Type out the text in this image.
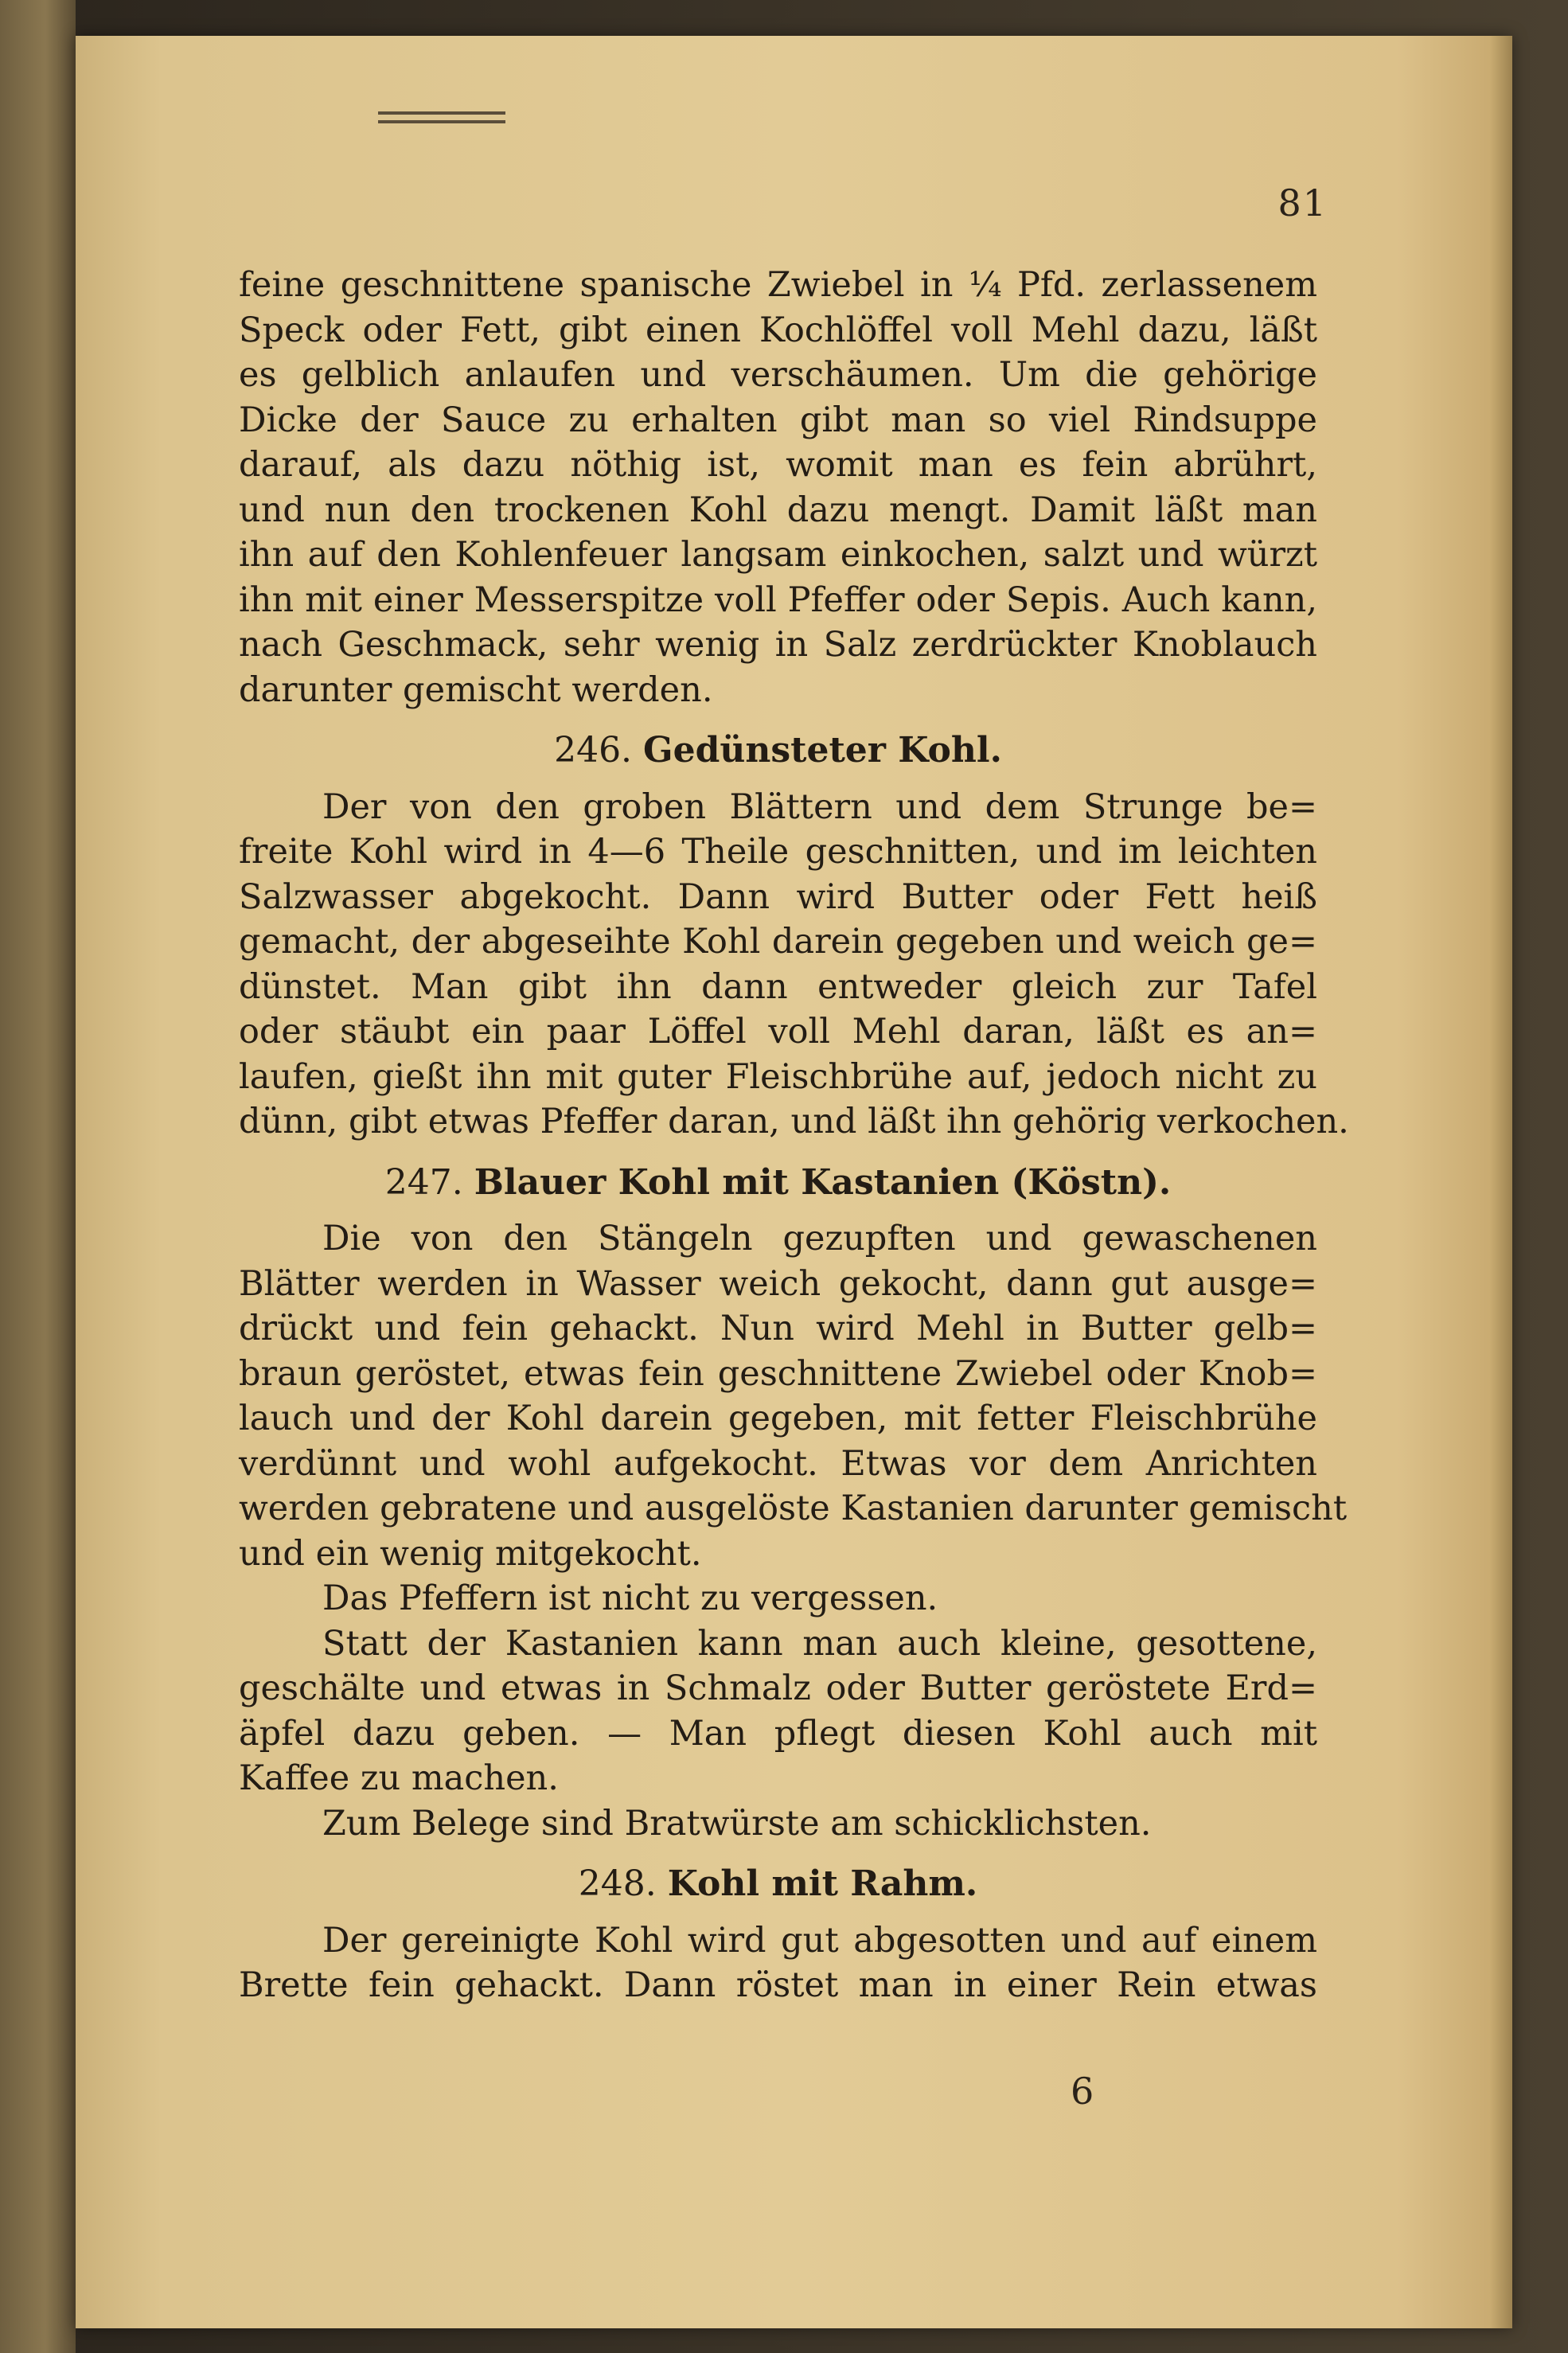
81
feine geschnittene spanische Zwiebel in ¼ Pfd. zerlassenem
Speck oder Fett, gibt einen Kochlöffel voll Mehl dazu, läßt
es gelblich anlaufen und verschäumen. Um die gehörige
Dicke der Sauce zu erhalten gibt man so viel Rindsuppe
darauf, als dazu nöthig ist, womit man es fein abrührt,
und nun den trockenen Kohl dazu mengt. Damit läßt man
ihn auf den Kohlenfeuer langsam einkochen, salzt und würzt
ihn mit einer Messerspitze voll Pfeffer oder Sepis. Auch kann,
nach Geschmack, sehr wenig in Salz zerdrückter Knoblauch
darunter gemischt werden.
246. Gedünsteter Kohl.
Der von den groben Blättern und dem Strunge be=
freite Kohl wird in 4—6 Theile geschnitten, und im leichten
Salzwasser abgekocht. Dann wird Butter oder Fett heiß
gemacht, der abgeseihte Kohl darein gegeben und weich ge=
dünstet. Man gibt ihn dann entweder gleich zur Tafel
oder stäubt ein paar Löffel voll Mehl daran, läßt es an=
laufen, gießt ihn mit guter Fleischbrühe auf, jedoch nicht zu
dünn, gibt etwas Pfeffer daran, und läßt ihn gehörig verkochen.
247. Blauer Kohl mit Kastanien (Köstn).
Die von den Stängeln gezupften und gewaschenen
Blätter werden in Wasser weich gekocht, dann gut ausge=
drückt und fein gehackt. Nun wird Mehl in Butter gelb=
braun geröstet, etwas fein geschnittene Zwiebel oder Knob=
lauch und der Kohl darein gegeben, mit fetter Fleischbrühe
verdünnt und wohl aufgekocht. Etwas vor dem Anrichten
werden gebratene und ausgelöste Kastanien darunter gemischt
und ein wenig mitgekocht.
Das Pfeffern ist nicht zu vergessen.
Statt der Kastanien kann man auch kleine, gesottene,
geschälte und etwas in Schmalz oder Butter geröstete Erd=
äpfel dazu geben. — Man pflegt diesen Kohl auch mit
Kaffee zu machen.
Zum Belege sind Bratwürste am schicklichsten.
248. Kohl mit Rahm.
Der gereinigte Kohl wird gut abgesotten und auf einem
Brette fein gehackt. Dann röstet man in einer Rein etwas
6
